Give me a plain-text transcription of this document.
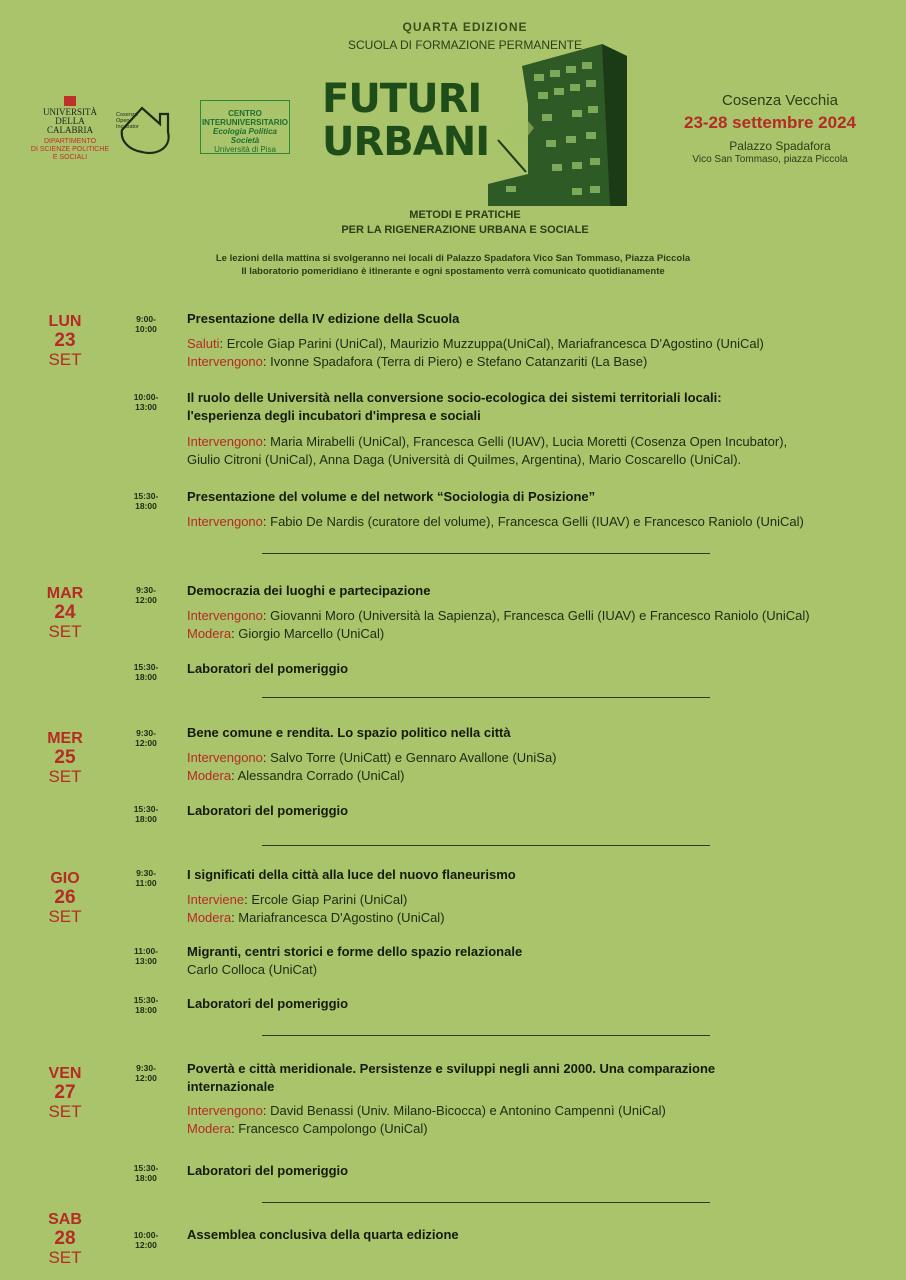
QUARTA EDIZIONE
SCUOLA DI FORMAZIONE PERMANENTE
UNIVERSITÀ DELLA
CALABRIA
DIPARTIMENTO
DI SCIENZE POLITICHE
E SOCIALI
Cosenza Open Incubator
CENTRO
INTERUNIVERSITARIO
Ecologia Politica Società
Università di Pisa
FUTURI
URBANI
METODI E PRATICHE
PER LA RIGENERAZIONE URBANA E SOCIALE
Cosenza Vecchia
23-28 settembre 2024
Palazzo Spadafora
Vico San Tommaso, piazza Piccola
Le lezioni della mattina si svolgeranno nei locali di Palazzo Spadafora Vico San Tommaso, Piazza Piccola
Il laboratorio pomeridiano è itinerante e ogni spostamento verrà comunicato quotidianamente
LUN
23
SET
9:00-
10:00
Presentazione della IV edizione della Scuola
Saluti: Ercole Giap Parini (UniCal), Maurizio Muzzuppa(UniCal), Mariafrancesca D'Agostino (UniCal)
Intervengono: Ivonne Spadafora (Terra di Piero) e Stefano Catanzariti (La Base)
10:00-
13:00
Il ruolo delle Università nella conversione socio-ecologica dei sistemi territoriali locali:
l'esperienza degli incubatori d'impresa e sociali
Intervengono: Maria Mirabelli (UniCal), Francesca Gelli (IUAV), Lucia Moretti (Cosenza Open Incubator),
Giulio Citroni (UniCal), Anna Daga (Università di Quilmes, Argentina), Mario Coscarello (UniCal).
15:30-
18:00
Presentazione del volume e del network “Sociologia di Posizione”
Intervengono: Fabio De Nardis (curatore del volume), Francesca Gelli (IUAV) e Francesco Raniolo (UniCal)
MAR
24
SET
9:30-
12:00
Democrazia dei luoghi e partecipazione
Intervengono: Giovanni Moro (Università la Sapienza), Francesca Gelli (IUAV) e Francesco Raniolo (UniCal)
Modera: Giorgio Marcello (UniCal)
15:30-
18:00
Laboratori del pomeriggio
MER
25
SET
9:30-
12:00
Bene comune e rendita. Lo spazio politico nella città
Intervengono: Salvo Torre (UniCatt) e Gennaro Avallone (UniSa)
Modera: Alessandra Corrado (UniCal)
15:30-
18:00
Laboratori del pomeriggio
GIO
26
SET
9:30-
11:00
I significati della città alla luce del nuovo flaneurismo
Interviene: Ercole Giap Parini (UniCal)
Modera: Mariafrancesca D'Agostino (UniCal)
11:00-
13:00
Migranti, centri storici e forme dello spazio relazionale
Carlo Colloca (UniCat)
15:30-
18:00	Laboratori del pomeriggio
VEN
27
SET
9:30-
12:00
Povertà e città meridionale. Persistenze e sviluppi negli anni 2000. Una comparazione
internazionale
Intervengono: David Benassi (Univ. Milano-Bicocca) e Antonino Campennì (UniCal)
Modera: Francesco Campolongo (UniCal)
15:30-
18:00	Laboratori del pomeriggio
SAB
28
SET
10:00-
12:00
Assemblea conclusiva della quarta edizione
